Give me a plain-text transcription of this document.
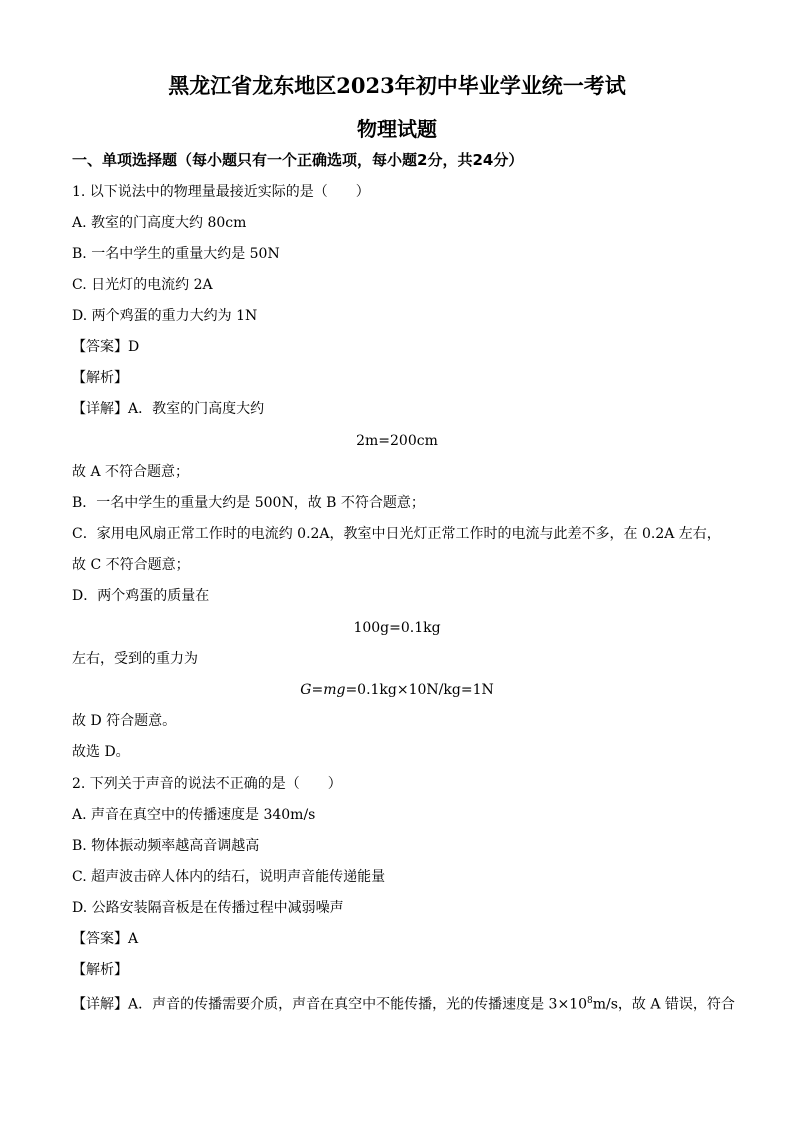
黑龙江省龙东地区2023年初中毕业学业统一考试
物理试题
一、单项选择题（每小题只有一个正确选项，每小题2分，共24分）
1. 以下说法中的物理量最接近实际的是（　　）
A. 教室的门高度大约 80cm
B. 一名中学生的重量大约是 50N
C. 日光灯的电流约 2A
D. 两个鸡蛋的重力大约为 1N
【答案】D
【解析】
【详解】A．教室的门高度大约
2m=200cm
故 A 不符合题意；
B．一名中学生的重量大约是 500N，故 B 不符合题意；
C．家用电风扇正常工作时的电流约 0.2A，教室中日光灯正常工作时的电流与此差不多，在 0.2A 左右，
故 C 不符合题意；
D．两个鸡蛋的质量在
100g=0.1kg
左右，受到的重力为
G=mg=0.1kg×10N/kg=1N
故 D 符合题意。
故选 D。
2. 下列关于声音的说法不正确的是（　　）
A. 声音在真空中的传播速度是 340m/s
B. 物体振动频率越高音调越高
C. 超声波击碎人体内的结石，说明声音能传递能量
D. 公路安装隔音板是在传播过程中减弱噪声
【答案】A
【解析】
【详解】A．声音的传播需要介质，声音在真空中不能传播，光的传播速度是 $3\times 10^8m/s$，故 A 错误，符合
